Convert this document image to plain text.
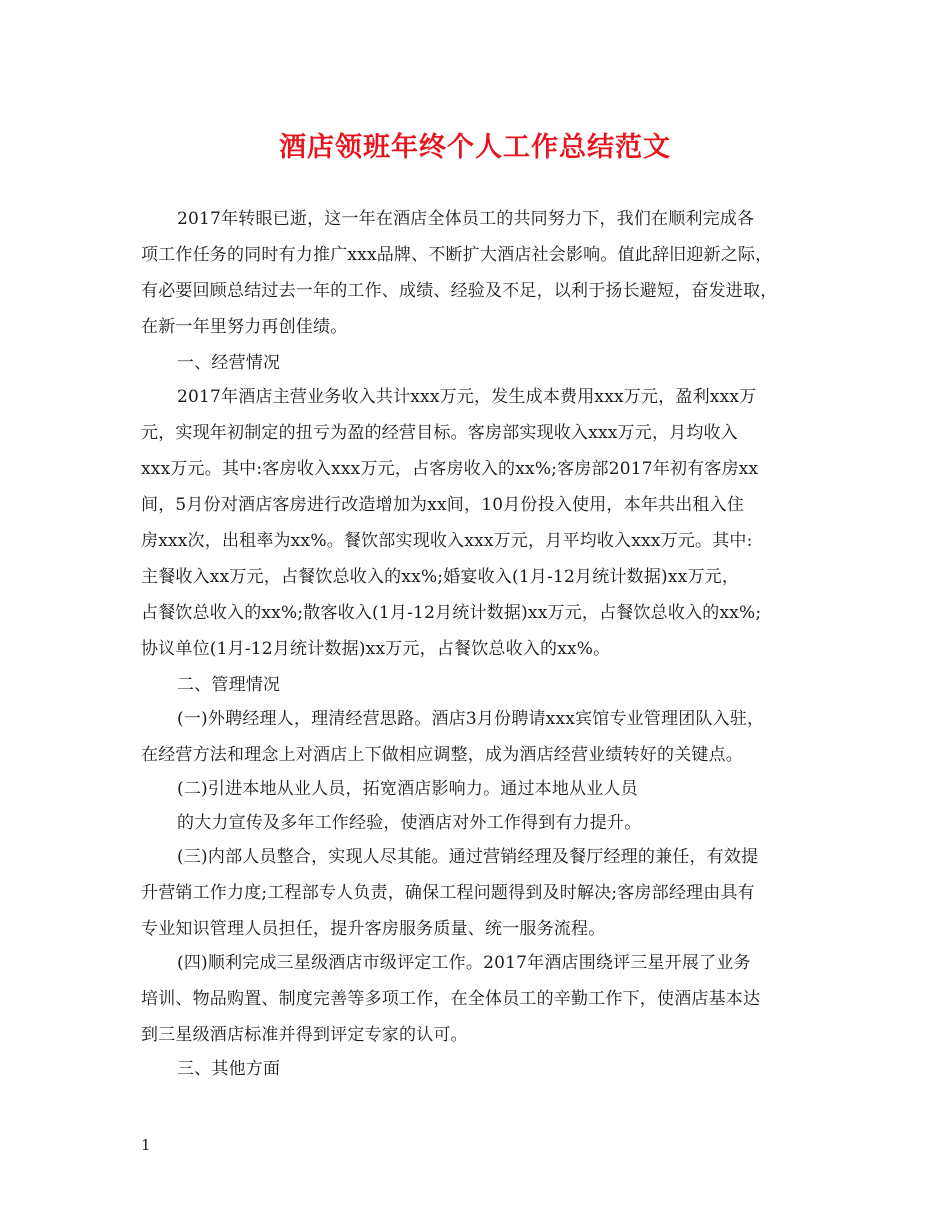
酒店领班年终个人工作总结范文
2017年转眼已逝，这一年在酒店全体员工的共同努力下，我们在顺利完成各
项工作任务的同时有力推广xxx品牌、不断扩大酒店社会影响。值此辞旧迎新之际，
有必要回顾总结过去一年的工作、成绩、经验及不足，以利于扬长避短，奋发进取，
在新一年里努力再创佳绩。
一、经营情况
2017年酒店主营业务收入共计xxx万元，发生成本费用xxx万元，盈利xxx万
元，实现年初制定的扭亏为盈的经营目标。客房部实现收入xxx万元，月均收入
xxx万元。其中:客房收入xxx万元，占客房收入的xx%;客房部2017年初有客房xx
间，5月份对酒店客房进行改造增加为xx间，10月份投入使用，本年共出租入住
房xxx次，出租率为xx%。餐饮部实现收入xxx万元，月平均收入xxx万元。其中:
主餐收入xx万元，占餐饮总收入的xx%;婚宴收入(1月-12月统计数据)xx万元，
占餐饮总收入的xx%;散客收入(1月-12月统计数据)xx万元，占餐饮总收入的xx%;
协议单位(1月-12月统计数据)xx万元，占餐饮总收入的xx%。
二、管理情况
(一)外聘经理人，理清经营思路。酒店3月份聘请xxx宾馆专业管理团队入驻，
在经营方法和理念上对酒店上下做相应调整，成为酒店经营业绩转好的关键点。
(二)引进本地从业人员，拓宽酒店影响力。通过本地从业人员
的大力宣传及多年工作经验，使酒店对外工作得到有力提升。
(三)内部人员整合，实现人尽其能。通过营销经理及餐厅经理的兼任，有效提
升营销工作力度;工程部专人负责，确保工程问题得到及时解决;客房部经理由具有
专业知识管理人员担任，提升客房服务质量、统一服务流程。
(四)顺利完成三星级酒店市级评定工作。2017年酒店围绕评三星开展了业务
培训、物品购置、制度完善等多项工作，在全体员工的辛勤工作下，使酒店基本达
到三星级酒店标准并得到评定专家的认可。
三、其他方面
1
